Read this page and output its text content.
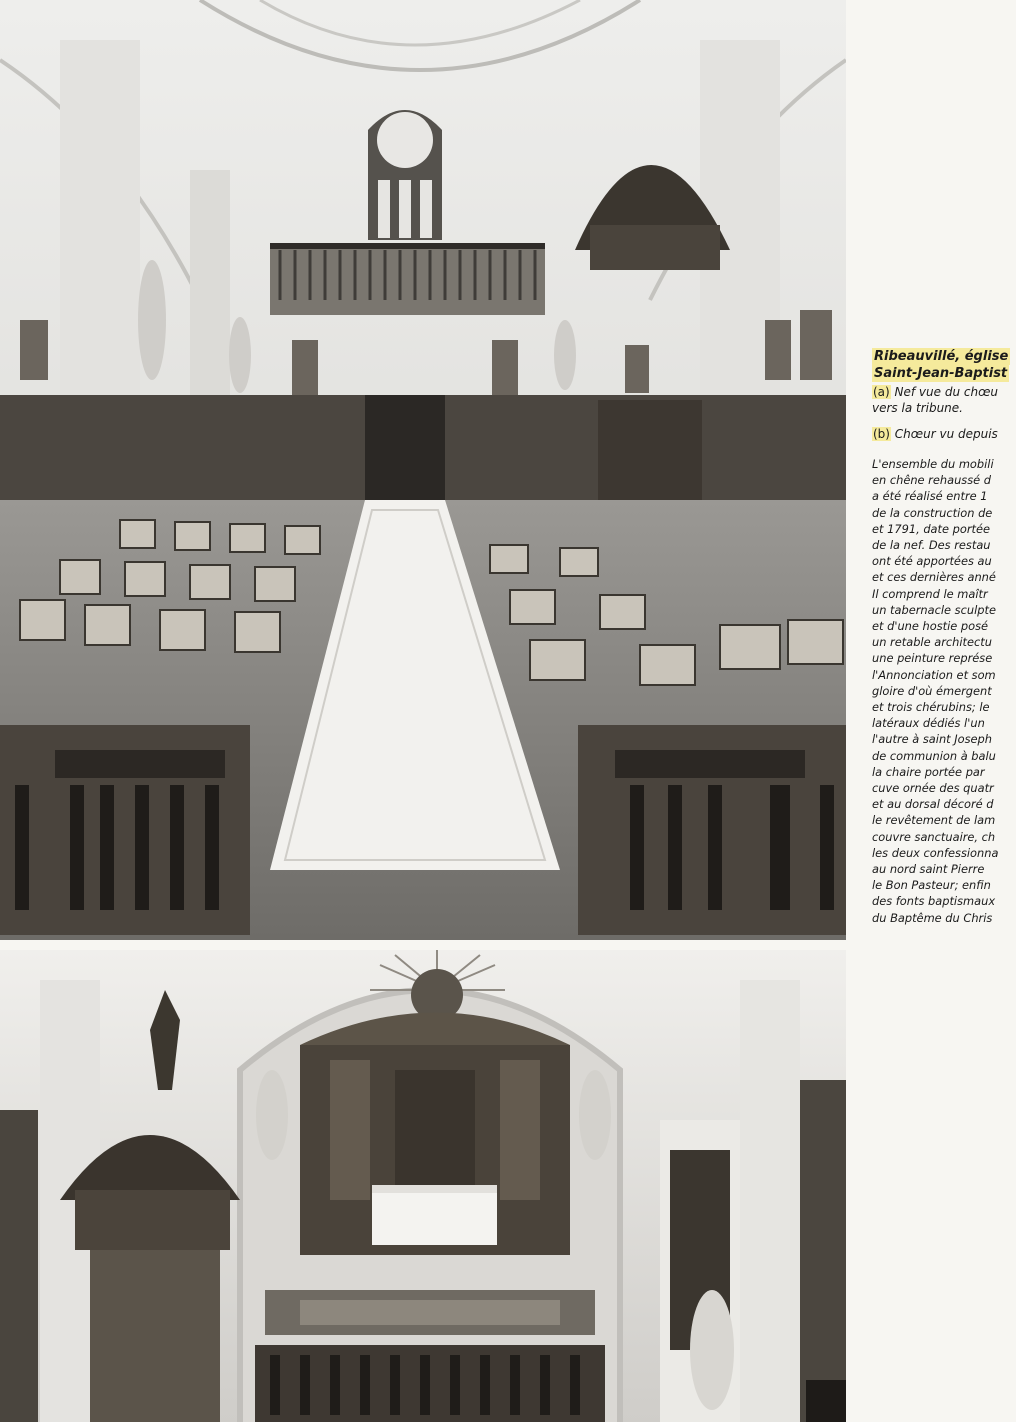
Ribeauvillé, église
Saint-Jean-Baptist

(a) Nef vue du chœu
vers la tribune.
(b) Chœur vu depuis
L'ensemble du mobili
en chêne rehaussé d
a été réalisé entre 1
de la construction de
et 1791, date portée
de la nef. Des restau
ont été apportées au
et ces dernières anné
Il comprend le maîtr
un tabernacle sculpte
et d'une hostie posé
un retable architectu
une peinture représe
l'Annonciation et som
gloire d'où émergent
et trois chérubins; le
latéraux dédiés l'un
l'autre à saint Joseph
de communion à balu
la chaire portée par
cuve ornée des quatr
et au dorsal décoré d
le revêtement de lam
couvre sanctuaire, ch
les deux confessionna
au nord saint Pierre
le Bon Pasteur; enfin
des fonts baptismaux
du Baptême du Chris
